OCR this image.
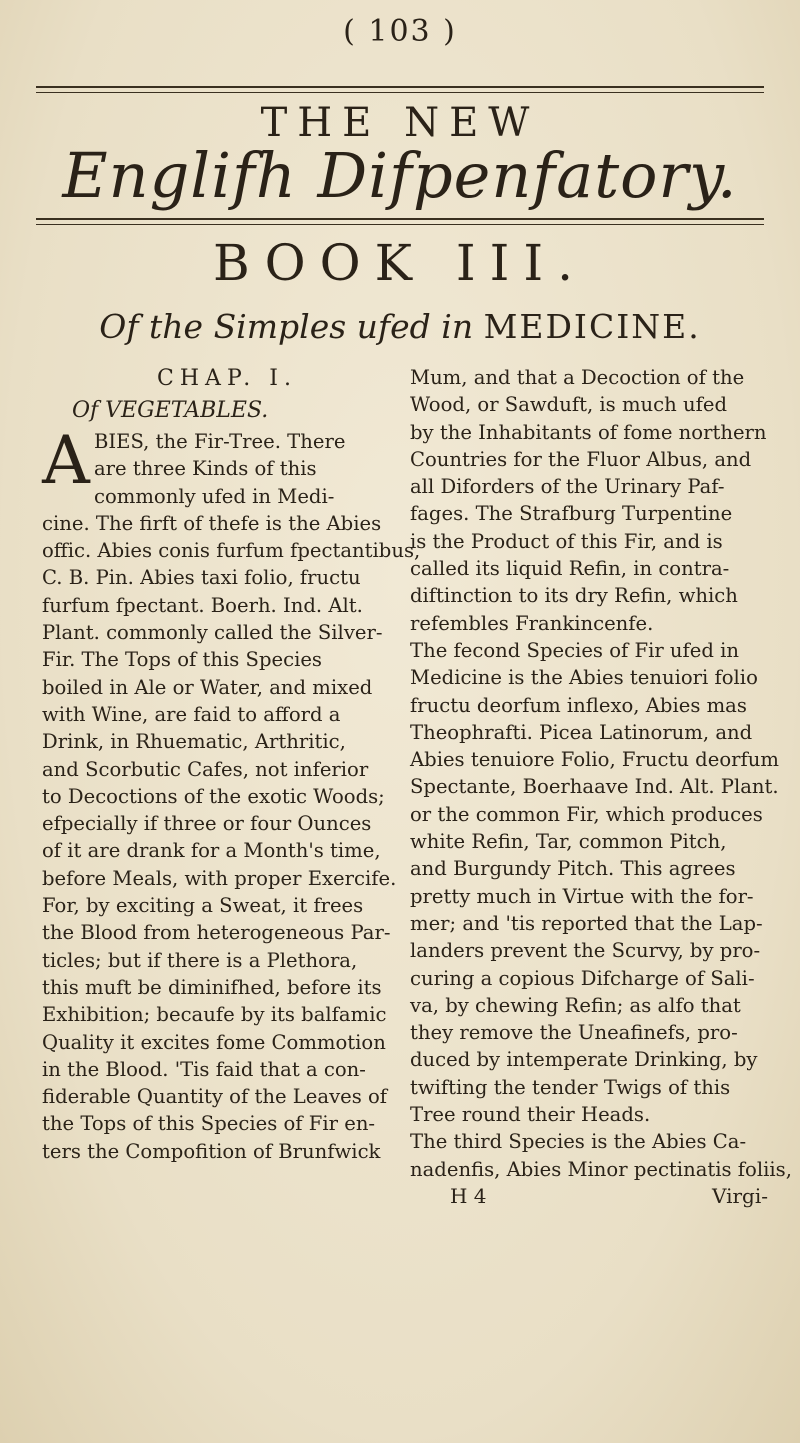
( 103 )
THE NEW
Englifh Difpenfatory.
BOOK III.
Of the Simples ufed in MEDICINE.
CHAP. I.
Of VEGETABLES.
A BIES, the Fir-Tree. There
are three Kinds of this
commonly ufed in Medi-
cine. The firft of thefe is the Abies
offic. Abies conis furfum fpectantibus,
C. B. Pin. Abies taxi folio, fructu
furfum fpectant. Boerh. Ind. Alt.
Plant. commonly called the Silver-
Fir. The Tops of this Species
boiled in Ale or Water, and mixed
with Wine, are faid to afford a
Drink, in Rhuematic, Arthritic,
and Scorbutic Cafes, not inferior
to Decoctions of the exotic Woods;
efpecially if three or four Ounces
of it are drank for a Month's time,
before Meals, with proper Exercife.
For, by exciting a Sweat, it frees
the Blood from heterogeneous Par-
ticles; but if there is a Plethora,
this muft be diminifhed, before its
Exhibition; becaufe by its balfamic
Quality it excites fome Commotion
in the Blood. 'Tis faid that a con-
fiderable Quantity of the Leaves of
the Tops of this Species of Fir en-
ters the Compofition of Brunfwick
Mum, and that a Decoction of the
Wood, or Sawduft, is much ufed
by the Inhabitants of fome northern
Countries for the Fluor Albus, and
all Diforders of the Urinary Paf-
fages. The Strafburg Turpentine
is the Product of this Fir, and is
called its liquid Refin, in contra-
diftinction to its dry Refin, which
refembles Frankincenfe.
The fecond Species of Fir ufed in
Medicine is the Abies tenuiori folio
fructu deorfum inflexo, Abies mas
Theophrafti. Picea Latinorum, and
Abies tenuiore Folio, Fructu deorfum
Spectante, Boerhaave Ind. Alt. Plant.
or the common Fir, which produces
white Refin, Tar, common Pitch,
and Burgundy Pitch. This agrees
pretty much in Virtue with the for-
mer; and 'tis reported that the Lap-
landers prevent the Scurvy, by pro-
curing a copious Difcharge of Sali-
va, by chewing Refin; as alfo that
they remove the Uneafinefs, pro-
duced by intemperate Drinking, by
twifting the tender Twigs of this
Tree round their Heads.
The third Species is the Abies Ca-
nadenfis, Abies Minor pectinatis foliis,
H 4	Virgi-
